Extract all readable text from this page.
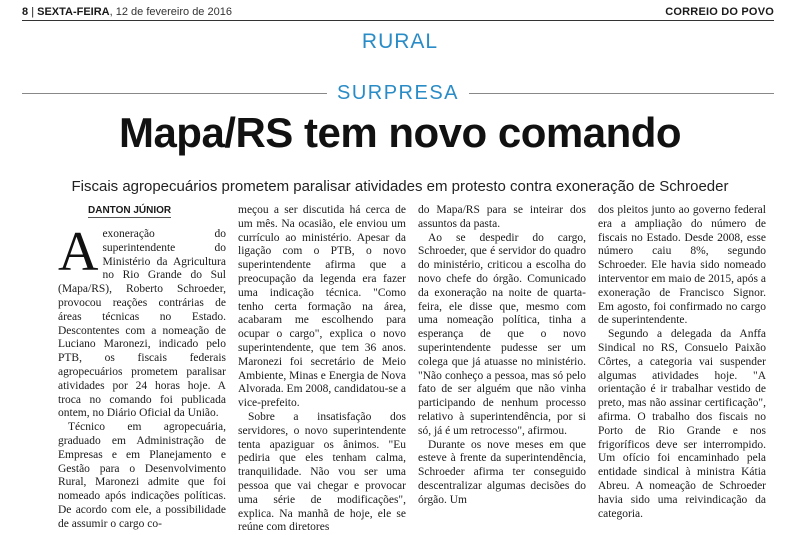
8 | SEXTA-FEIRA, 12 de fevereiro de 2016	CORREIO DO POVO
RURAL
SURPRESA
Mapa/RS tem novo comando
Fiscais agropecuários prometem paralisar atividades em protesto contra exoneração de Schroeder
DANTON JÚNIOR

Aexoneração do superintendente do Ministério da Agricultura no Rio Grande do Sul (Mapa/RS), Roberto Schroeder, provocou reações contrárias de áreas técnicas no Estado. Descontentes com a nomeação de Luciano Maronezi, indicado pelo PTB, os fiscais federais agropecuários prometem paralisar atividades por 24 horas hoje. A troca no comando foi publicada ontem, no Diário Oficial da União.

Técnico em agropecuária, graduado em Administração de Empresas e em Planejamento e Gestão para o Desenvolvimento Rural, Maronezi admite que foi nomeado após indicações políticas. De acordo com ele, a possibilidade de assumir o cargo co-

meçou a ser discutida há cerca de um mês. Na ocasião, ele enviou um currículo ao ministério. Apesar da ligação com o PTB, o novo superintendente afirma que a preocupação da legenda era fazer uma indicação técnica. "Como tenho certa formação na área, acabaram me escolhendo para ocupar o cargo", explica o novo superintendente, que tem 36 anos. Maronezi foi secretário de Meio Ambiente, Minas e Energia de Nova Alvorada. Em 2008, candidatou-se a vice-prefeito.

Sobre a insatisfação dos servidores, o novo superintendente tenta apaziguar os ânimos. "Eu pediria que eles tenham calma, tranquilidade. Não vou ser uma pessoa que vai chegar e provocar uma série de modificações", explica. Na manhã de hoje, ele se reúne com diretores

do Mapa/RS para se inteirar dos assuntos da pasta.

Ao se despedir do cargo, Schroeder, que é servidor do quadro do ministério, criticou a escolha do novo chefe do órgão. Comunicado da exoneração na noite de quarta-feira, ele disse que, mesmo com uma nomeação política, tinha a esperança de que o novo superintendente pudesse ser um colega que já atuasse no ministério. "Não conheço a pessoa, mas só pelo fato de ser alguém que não vinha participando de nenhum processo relativo à superintendência, por si só, já é um retrocesso", afirmou.

Durante os nove meses em que esteve à frente da superintendência, Schroeder afirma ter conseguido descentralizar algumas decisões do órgão. Um

dos pleitos junto ao governo federal era a ampliação do número de fiscais no Estado. Desde 2008, esse número caiu 8%, segundo Schroeder. Ele havia sido nomeado interventor em maio de 2015, após a exoneração de Francisco Signor. Em agosto, foi confirmado no cargo de superintendente.

Segundo a delegada da Anffa Sindical no RS, Consuelo Paixão Côrtes, a categoria vai suspender algumas atividades hoje. "A orientação é ir trabalhar vestido de preto, mas não assinar certificação", afirma. O trabalho dos fiscais no Porto de Rio Grande e nos frigoríficos deve ser interrompido. Um ofício foi encaminhado pela entidade sindical à ministra Kátia Abreu. A nomeação de Schroeder havia sido uma reivindicação da categoria.
